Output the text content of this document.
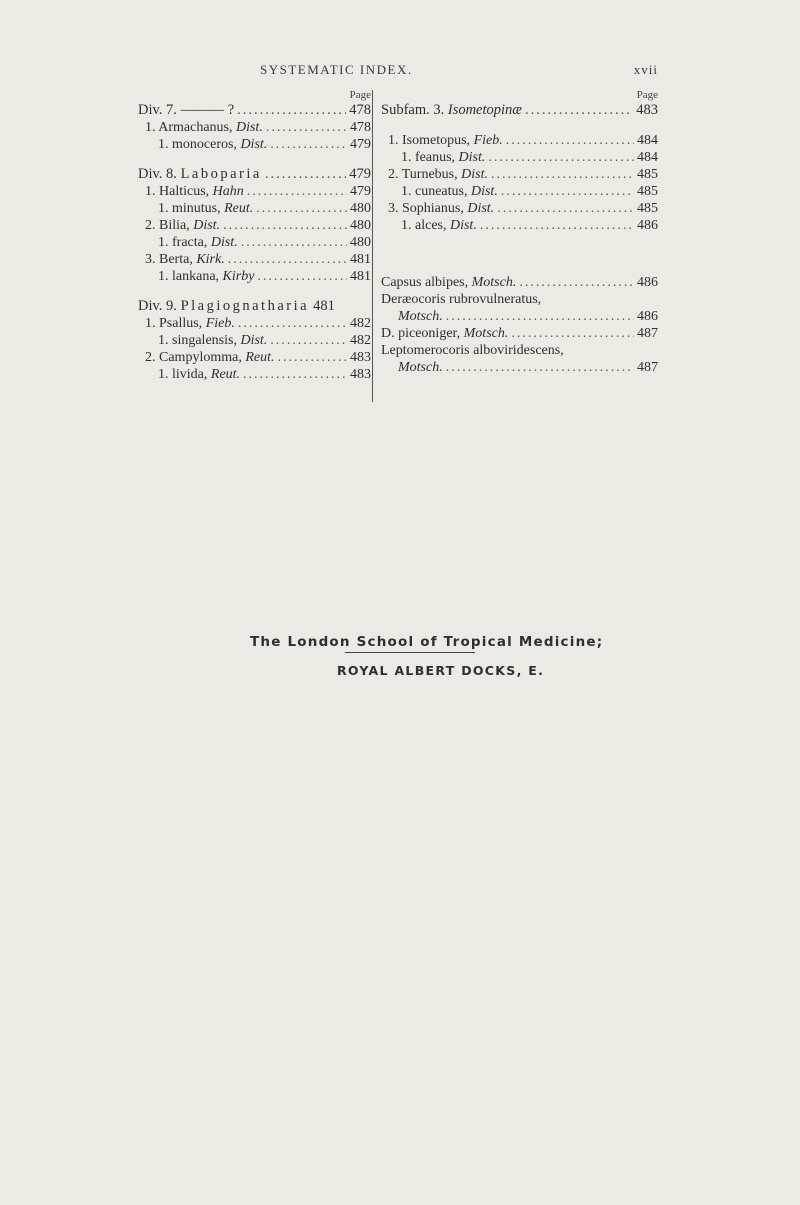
SYSTEMATIC INDEX.	xvii
Page
Div. 7. ——— ? .....	478
1. Armachanus, Dist. .....	478
1. monoceros, Dist. .....	479
Div. 8. Laboparia .....	479
1. Halticus, Hahn .....	479
1. minutus, Reut. .....	480
2. Bilia, Dist. .....	480
1. fracta, Dist. .....	480
3. Berta, Kirk. .....	481
1. lankana, Kirby .....	481
Div. 9. Plagiognatharia 481
1. Psallus, Fieb. .....	482
1. singalensis, Dist. .....	482
2. Campylomma, Reut. .....	483
1. livida, Reut. .....	483
Page
Subfam. 3. Isometopinæ .....	483
1. Isometopus, Fieb. .....	484
1. feanus, Dist. .....	484
2. Turnebus, Dist. .....	485
1. cuneatus, Dist. .....	485
3. Sophianus, Dist. .....	485
1. alces, Dist. .....	486
Capsus albipes, Motsch. .....	486
Deræocoris rubrovulneratus,
Motsch. .....	486
D. piceoniger, Motsch. .....	487
Leptomerocoris alboviridescens,
Motsch. .....	487
The London School of Tropical Medicine;
ROYAL ALBERT DOCKS, E.
